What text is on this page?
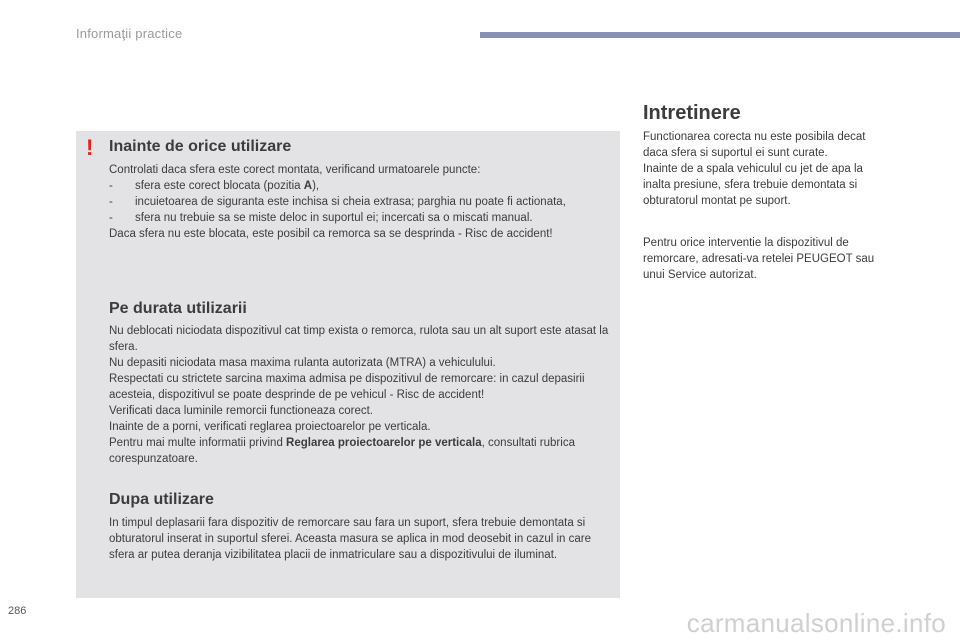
Informaţii practice
! Inainte de orice utilizare

Controlati daca sfera este corect montata, verificand urmatoarele puncte:

-	sfera este corect blocata (pozitia A),
-	incuietoarea de siguranta este inchisa si cheia extrasa; parghia nu poate fi actionata,
-	sfera nu trebuie sa se miste deloc in suportul ei; incercati sa o miscati manual.

Daca sfera nu este blocata, este posibil ca remorca sa se desprinda - Risc de accident!

Pe durata utilizarii

Nu deblocati niciodata dispozitivul cat timp exista o remorca, rulota sau un alt suport este atasat la sfera.

Nu depasiti niciodata masa maxima rulanta autorizata (MTRA) a vehiculului.

Respectati cu strictete sarcina maxima admisa pe dispozitivul de remorcare: in cazul depasirii acesteia, dispozitivul se poate desprinde de pe vehicul - Risc de accident!

Verificati daca luminile remorcii functioneaza corect.

Inainte de a porni, verificati reglarea proiectoarelor pe verticala.

Pentru mai multe informatii privind Reglarea proiectoarelor pe verticala, consultati rubrica corespunzatoare.

Dupa utilizare

In timpul deplasarii fara dispozitiv de remorcare sau fara un suport, sfera trebuie demontata si obturatorul inserat in suportul sferei. Aceasta masura se aplica in mod deosebit in cazul in care sfera ar putea deranja vizibilitatea placii de inmatriculare sau a dispozitivului de iluminat.

Intretinere

Functionarea corecta nu este posibila decat daca sfera si suportul ei sunt curate.

Inainte de a spala vehiculul cu jet de apa la inalta presiune, sfera trebuie demontata si obturatorul montat pe suport.

Pentru orice interventie la dispozitivul de remorcare, adresati-va retelei PEUGEOT sau unui Service autorizat.

286	carmanualsonline.info
